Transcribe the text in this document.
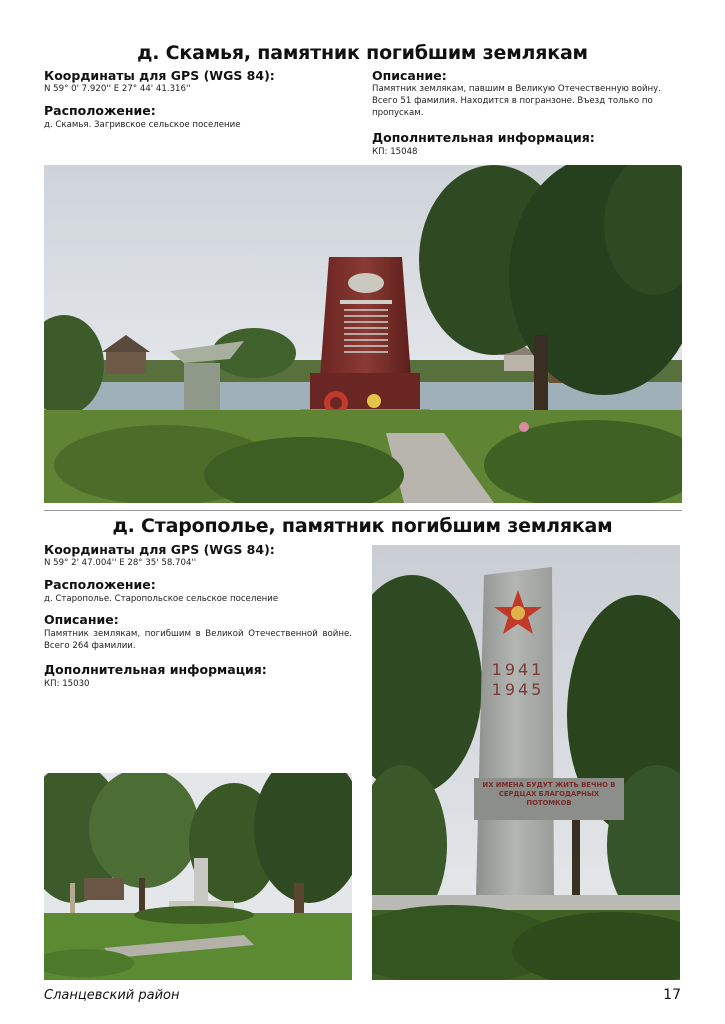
д. Скамья, памятник погибшим землякам
Координаты для GPS (WGS 84):
N 59° 0' 7.920'' E 27° 44' 41.316''
Расположение:
д. Скамья. Загривское сельское поселение
Описание:
Памятник землякам, павшим в Великую Отечественную войну. Всего 51 фамилия. Находится в погранзоне. Въезд только по пропускам.
Дополнительная информация:
КП: 15048
д. Старополье, памятник погибшим землякам
Координаты для GPS (WGS 84):
N 59° 2' 47.004'' E 28° 35' 58.704''
Расположение:
д. Старополье. Старопольское сельское поселение
Описание:
Памятник землякам, погибшим в Великой Отечественной войне. Всего 264 фамилии.
Дополнительная информация:
КП: 15030
1941
1945
ИХ ИМЕНА БУДУТ ЖИТЬ ВЕЧНО В СЕРДЦАХ БЛАГОДАРНЫХ ПОТОМКОВ
Сланцевский район	17
